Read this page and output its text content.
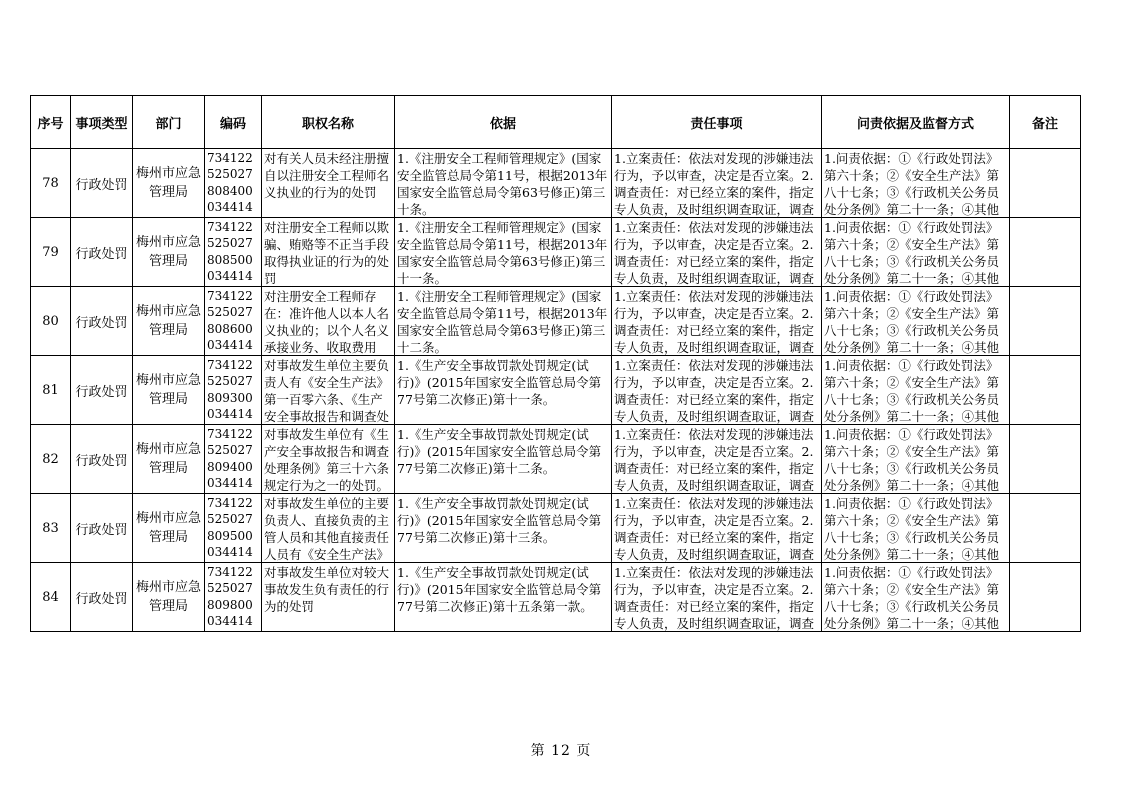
序号	事项类型	部门	编码	职权名称	依据	责任事项	问责依据及监督方式	备注
78	行政处罚	梅州市应急管理局	734122525027808400034414	对有关人员未经注册擅自以注册安全工程师名义执业的行为的处罚	1.《注册安全工程师管理规定》(国家安全监管总局令第11号，根据2013年国家安全监管总局令第63号修正)第三十条。	1.立案责任：依法对发现的涉嫌违法行为，予以审查，决定是否立案。2.调查责任：对已经立案的案件，指定专人负责，及时组织调查取证，调查	1.问责依据：①《行政处罚法》第六十条；②《安全生产法》第八十七条；③《行政机关公务员处分条例》第二十一条；④其他	

79	行政处罚	梅州市应急管理局	734122525027808500034414	对注册安全工程师以欺骗、贿赂等不正当手段取得执业证的行为的处罚	1.《注册安全工程师管理规定》(国家安全监管总局令第11号，根据2013年国家安全监管总局令第63号修正)第三十一条。	1.立案责任：依法对发现的涉嫌违法行为，予以审查，决定是否立案。2.调查责任：对已经立案的案件，指定专人负责，及时组织调查取证，调查	1.问责依据：①《行政处罚法》第六十条；②《安全生产法》第八十七条；③《行政机关公务员处分条例》第二十一条；④其他	

80	行政处罚	梅州市应急管理局	734122525027808600034414	对注册安全工程师存在：准许他人以本人名义执业的；以个人名义承接业务、收取费用	1.《注册安全工程师管理规定》(国家安全监管总局令第11号，根据2013年国家安全监管总局令第63号修正)第三十二条。	1.立案责任：依法对发现的涉嫌违法行为，予以审查，决定是否立案。2.调查责任：对已经立案的案件，指定专人负责，及时组织调查取证，调查	1.问责依据：①《行政处罚法》第六十条；②《安全生产法》第八十七条；③《行政机关公务员处分条例》第二十一条；④其他	

81	行政处罚	梅州市应急管理局	734122525027809300034414	对事故发生单位主要负责人有《安全生产法》第一百零六条、《生产安全事故报告和调查处	1.《生产安全事故罚款处罚规定(试行)》(2015年国家安全监管总局令第77号第二次修正)第十一条。	1.立案责任：依法对发现的涉嫌违法行为，予以审查，决定是否立案。2.调查责任：对已经立案的案件，指定专人负责，及时组织调查取证，调查	1.问责依据：①《行政处罚法》第六十条；②《安全生产法》第八十七条；③《行政机关公务员处分条例》第二十一条；④其他	

82	行政处罚	梅州市应急管理局	734122525027809400034414	对事故发生单位有《生产安全事故报告和调查处理条例》第三十六条规定行为之一的处罚。	1.《生产安全事故罚款处罚规定(试行)》(2015年国家安全监管总局令第77号第二次修正)第十二条。	1.立案责任：依法对发现的涉嫌违法行为，予以审查，决定是否立案。2.调查责任：对已经立案的案件，指定专人负责，及时组织调查取证，调查	1.问责依据：①《行政处罚法》第六十条；②《安全生产法》第八十七条；③《行政机关公务员处分条例》第二十一条；④其他	

83	行政处罚	梅州市应急管理局	734122525027809500034414	对事故发生单位的主要负责人、直接负责的主管人员和其他直接责任人员有《安全生产法》	1.《生产安全事故罚款处罚规定(试行)》(2015年国家安全监管总局令第77号第二次修正)第十三条。	1.立案责任：依法对发现的涉嫌违法行为，予以审查，决定是否立案。2.调查责任：对已经立案的案件，指定专人负责，及时组织调查取证，调查	1.问责依据：①《行政处罚法》第六十条；②《安全生产法》第八十七条；③《行政机关公务员处分条例》第二十一条；④其他	

84	行政处罚	梅州市应急管理局	734122525027809800034414	对事故发生单位对较大事故发生负有责任的行为的处罚	1.《生产安全事故罚款处罚规定(试行)》(2015年国家安全监管总局令第77号第二次修正)第十五条第一款。	1.立案责任：依法对发现的涉嫌违法行为，予以审查，决定是否立案。2.调查责任：对已经立案的案件，指定专人负责，及时组织调查取证，调查	1.问责依据：①《行政处罚法》第六十条；②《安全生产法》第八十七条；③《行政机关公务员处分条例》第二十一条；④其他	

第 12 页
